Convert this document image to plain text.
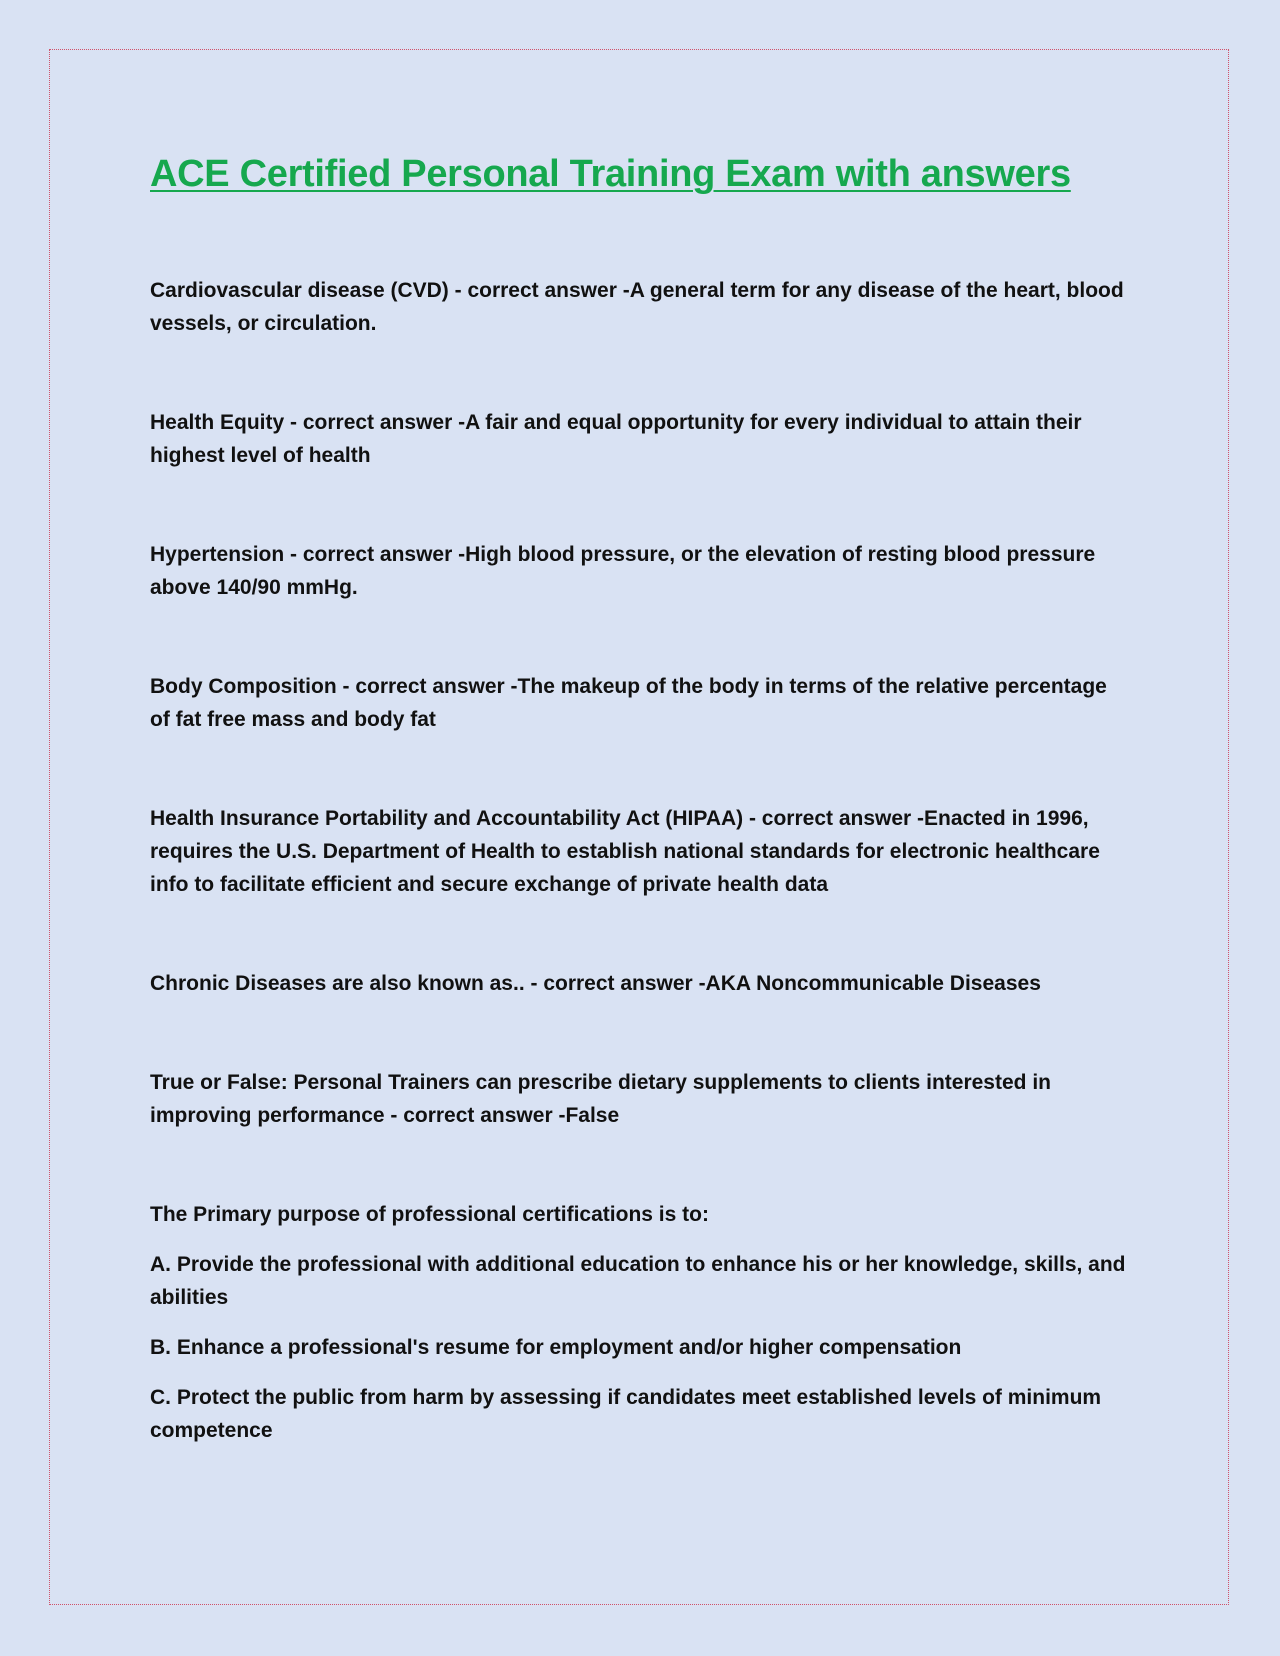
ACE Certified Personal Training Exam with answers

Cardiovascular disease (CVD) - correct answer -A general term for any disease of the heart, blood vessels, or circulation.

Health Equity - correct answer -A fair and equal opportunity for every individual to attain their highest level of health

Hypertension - correct answer -High blood pressure, or the elevation of resting blood pressure above 140/90 mmHg.

Body Composition - correct answer -The makeup of the body in terms of the relative percentage of fat free mass and body fat

Health Insurance Portability and Accountability Act (HIPAA) - correct answer -Enacted in 1996, requires the U.S. Department of Health to establish national standards for electronic healthcare info to facilitate efficient and secure exchange of private health data

Chronic Diseases are also known as.. - correct answer -AKA Noncommunicable Diseases

True or False: Personal Trainers can prescribe dietary supplements to clients interested in improving performance - correct answer -False

The Primary purpose of professional certifications is to:

A. Provide the professional with additional education to enhance his or her knowledge, skills, and abilities

B. Enhance a professional's resume for employment and/or higher compensation

C. Protect the public from harm by assessing if candidates meet established levels of minimum competence
